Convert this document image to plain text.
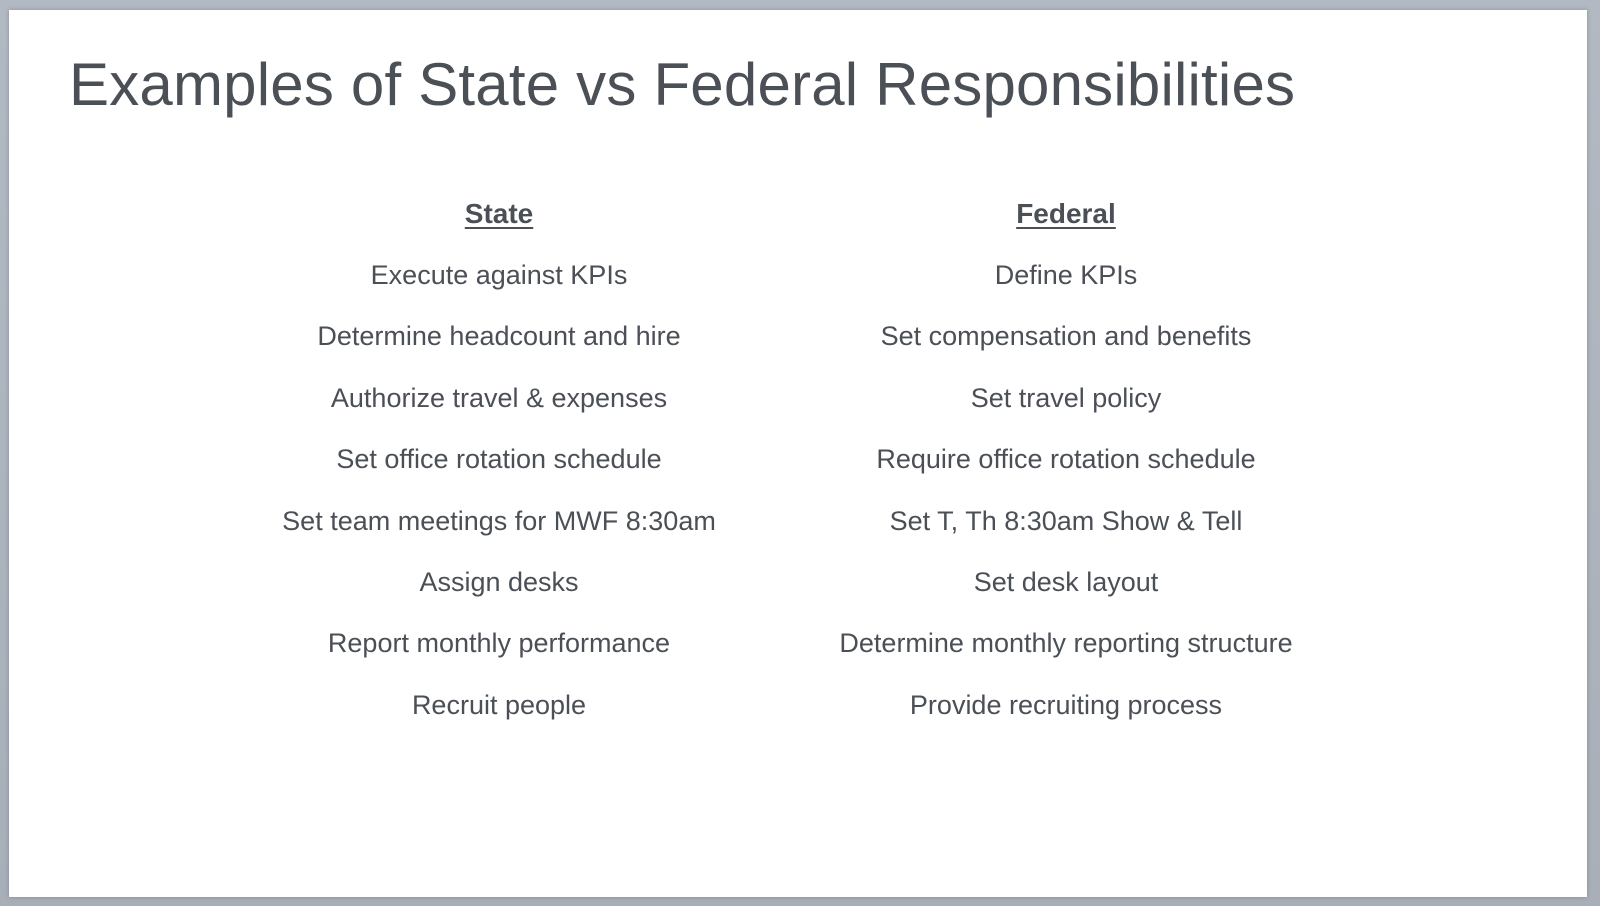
Examples of State vs Federal Responsibilities
State
Execute against KPIs
Determine headcount and hire
Authorize travel & expenses
Set office rotation schedule
Set team meetings for MWF 8:30am
Assign desks
Report monthly performance
Recruit people
Federal
Define KPIs
Set compensation and benefits
Set travel policy
Require office rotation schedule
Set T, Th 8:30am Show & Tell
Set desk layout
Determine monthly reporting structure
Provide recruiting process
